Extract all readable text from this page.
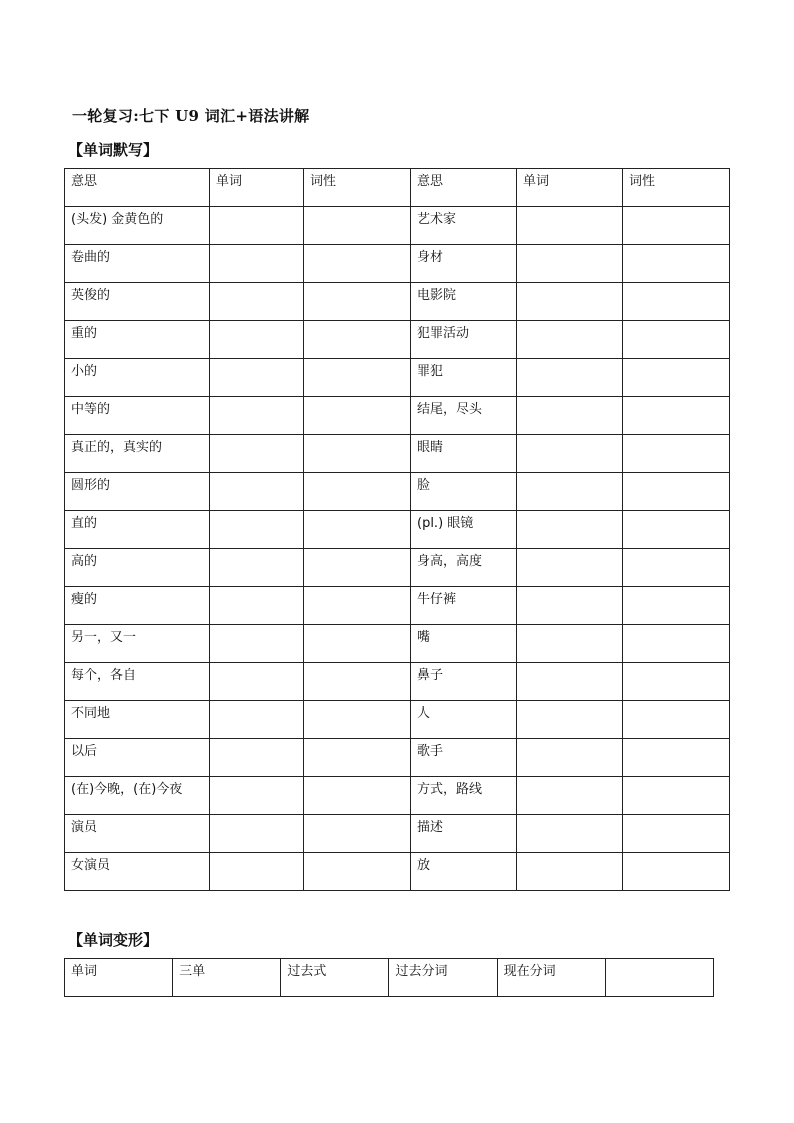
一轮复习:七下 U9 词汇+语法讲解
【单词默写】
意思	单词	词性	意思	单词	词性
(头发) 金黄色的			艺术家		
卷曲的			身材		
英俊的			电影院		
重的			犯罪活动		
小的			罪犯		
中等的			结尾，尽头		
真正的，真实的			眼睛		
圆形的			脸		
直的			(pl.) 眼镜		
高的			身高，高度		
瘦的			牛仔裤		
另一，又一			嘴		
每个，各自			鼻子		
不同地			人		
以后			歌手		
(在)今晚，(在)今夜			方式，路线		
演员			描述		
女演员			放		
【单词变形】
单词	三单	过去式	过去分词	现在分词	
